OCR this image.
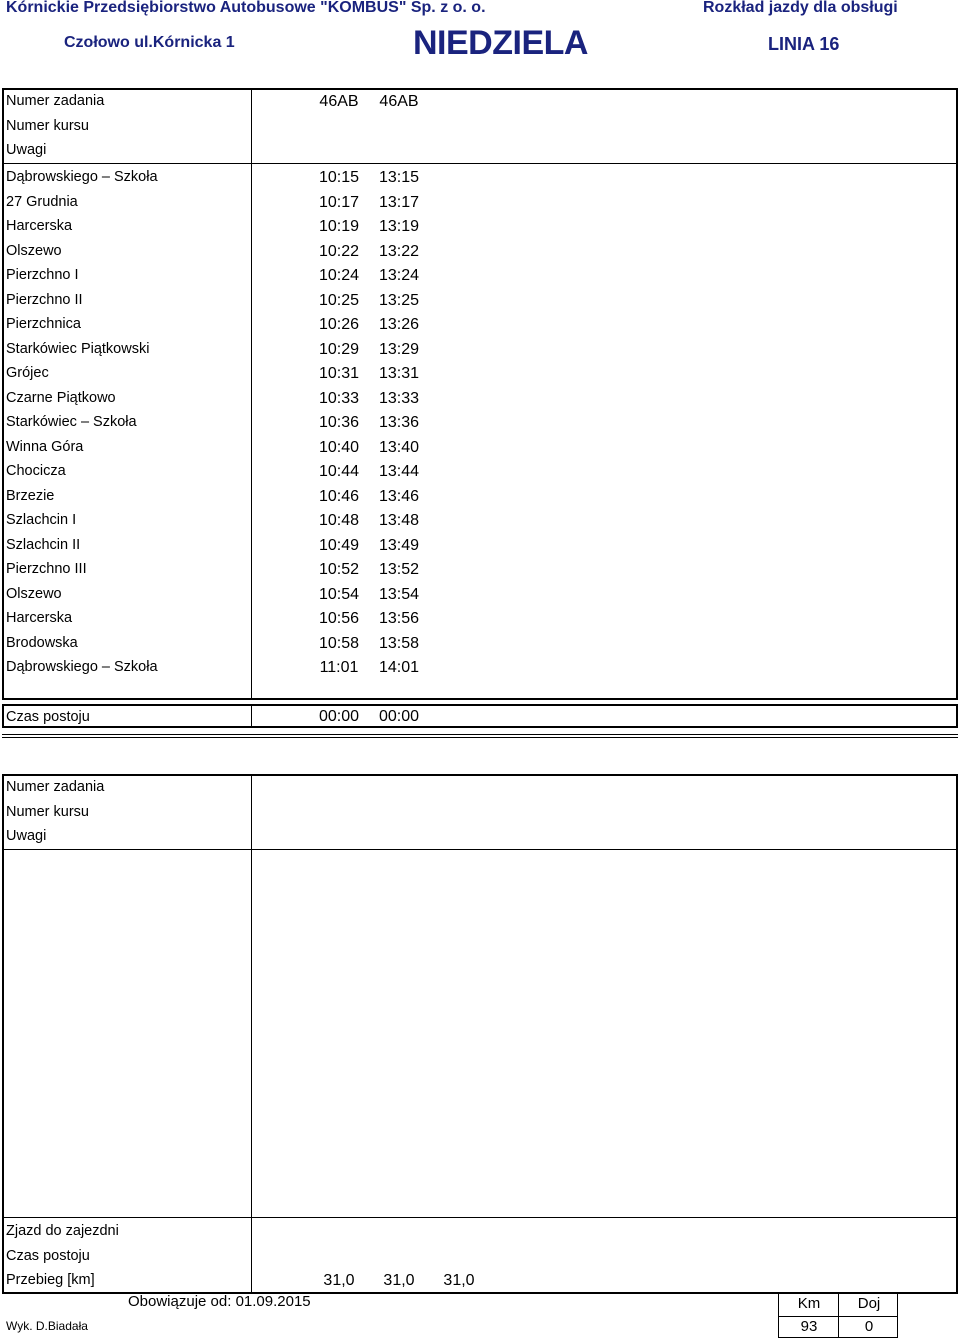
Kórnickie Przedsiębiorstwo Autobusowe "KOMBUS" Sp. z o. o.	Rozkład jazdy dla obsługi
Czołowo ul.Kórnicka 1	NIEDZIELA	LINIA 16
Numer zadania	46AB	46AB
Numer kursu
Uwagi
Dąbrowskiego – Szkoła	10:15	13:15
27 Grudnia	10:17	13:17
Harcerska	10:19	13:19
Olszewo	10:22	13:22
Pierzchno I	10:24	13:24
Pierzchno II	10:25	13:25
Pierzchnica	10:26	13:26
Starkówiec Piątkowski	10:29	13:29
Grójec	10:31	13:31
Czarne Piątkowo	10:33	13:33
Starkówiec – Szkoła	10:36	13:36
Winna Góra	10:40	13:40
Chocicza	10:44	13:44
Brzezie	10:46	13:46
Szlachcin I	10:48	13:48
Szlachcin II	10:49	13:49
Pierzchno III	10:52	13:52
Olszewo	10:54	13:54
Harcerska	10:56	13:56
Brodowska	10:58	13:58
Dąbrowskiego – Szkoła	11:01	14:01
Czas postoju	00:00	00:00
Numer zadania
Numer kursu
Uwagi
Zjazd do zajezdni
Czas postoju
Przebieg [km]	31,0	31,0	31,0
Obowiązuje od: 01.09.2015
Wyk. D.Biadała
Km	Doj
93	0
